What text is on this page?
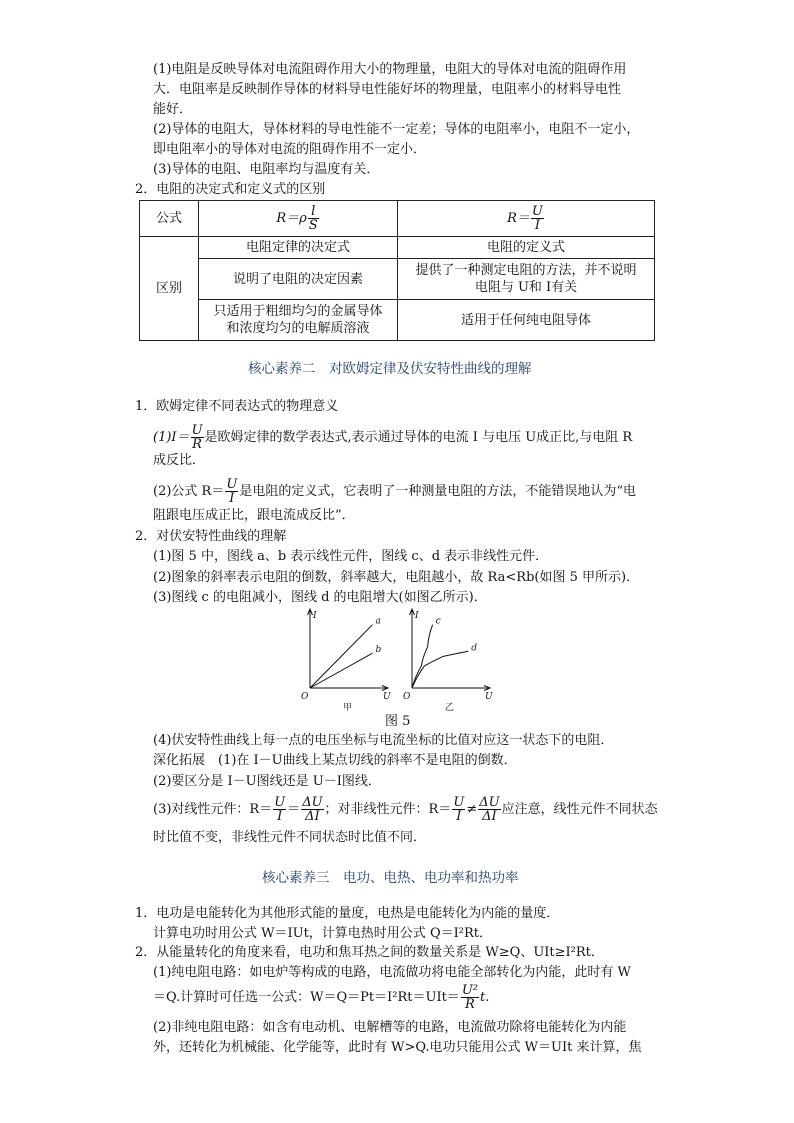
(1)电阻是反映导体对电流阻碍作用大小的物理量，电阻大的导体对电流的阻碍作用
大．电阻率是反映制作导体的材料导电性能好坏的物理量，电阻率小的材料导电性
能好．
(2)导体的电阻大，导体材料的导电性能不一定差；导体的电阻率小，电阻不一定小，
即电阻率小的导体对电流的阻碍作用不一定小．
(3)导体的电阻、电阻率均与温度有关．
2．电阻的决定式和定义式的区别
公式	$R=\rho \frac{l}{S}$	$R= \frac{U}{I}$

区别	电阻定律的决定式	电阻的定义式
	说明了电阻的决定因素	提供了一种测定电阻的方法，并不说明
电阻与 U和 I有关

	只适用于粗细均匀的金属导体
和浓度均匀的电解质溶液	适用于任何纯电阻导体
核心素养二　对欧姆定律及伏安特性曲线的理解
1．欧姆定律不同表达式的物理意义
$(1)I= \frac{U}{R}$ 是欧姆定律的数学表达式,表示通过导体的电流 I 与电压 U成正比,与电阻 R
成反比．
(2)公式 $R= \frac{U}{I}$ 是电阻的定义式，它表明了一种测量电阻的方法，不能错误地认为“电
阻跟电压成正比，跟电流成反比”．
2．对伏安特性曲线的理解
(1)图 5 中，图线 a、b 表示线性元件，图线 c、d 表示非线性元件．
(2)图象的斜率表示电阻的倒数，斜率越大，电阻越小，故 Ra<Rb(如图 5 甲所示)．
(3)图线 c 的电阻减小，图线 d 的电阻增大(如图乙所示)．
I
U
O
a
b
甲
I
U
O
c
d
乙
图 5
(4)伏安特性曲线上每一点的电压坐标与电流坐标的比值对应这一状态下的电阻．
深化拓展　(1)在 I－U曲线上某点切线的斜率不是电阻的倒数．
(2)要区分是 I－U图线还是 U－I图线．
(3)对线性元件：$R= \frac{U}{I} = \frac{\Delta U}{\Delta I}$ ；对非线性元件：$R= \frac{U}{I} \ne \frac{\Delta U}{\Delta I}$ 应注意，线性元件不同状态
时比值不变，非线性元件不同状态时比值不同．
核心素养三　电功、电热、电功率和热功率
1．电功是电能转化为其他形式能的量度，电热是电能转化为内能的量度．
计算电功时用公式 W＝IUt，计算电热时用公式 Q＝I²Rt．
2．从能量转化的角度来看，电功和焦耳热之间的数量关系是 W≥Q、UIt≥I²Rt．
(1)纯电阻电路：如电炉等构成的电路，电流做功将电能全部转化为内能，此时有 W
＝Q.计算时可任选一公式：$W=Q=Pt=I^2Rt=UIt= \frac{\text{U²}}{R} t$.
(2)非纯电阻电路：如含有电动机、电解槽等的电路，电流做功除将电能转化为内能
外，还转化为机械能、化学能等，此时有 W>Q.电功只能用公式 W＝UIt 来计算，焦
